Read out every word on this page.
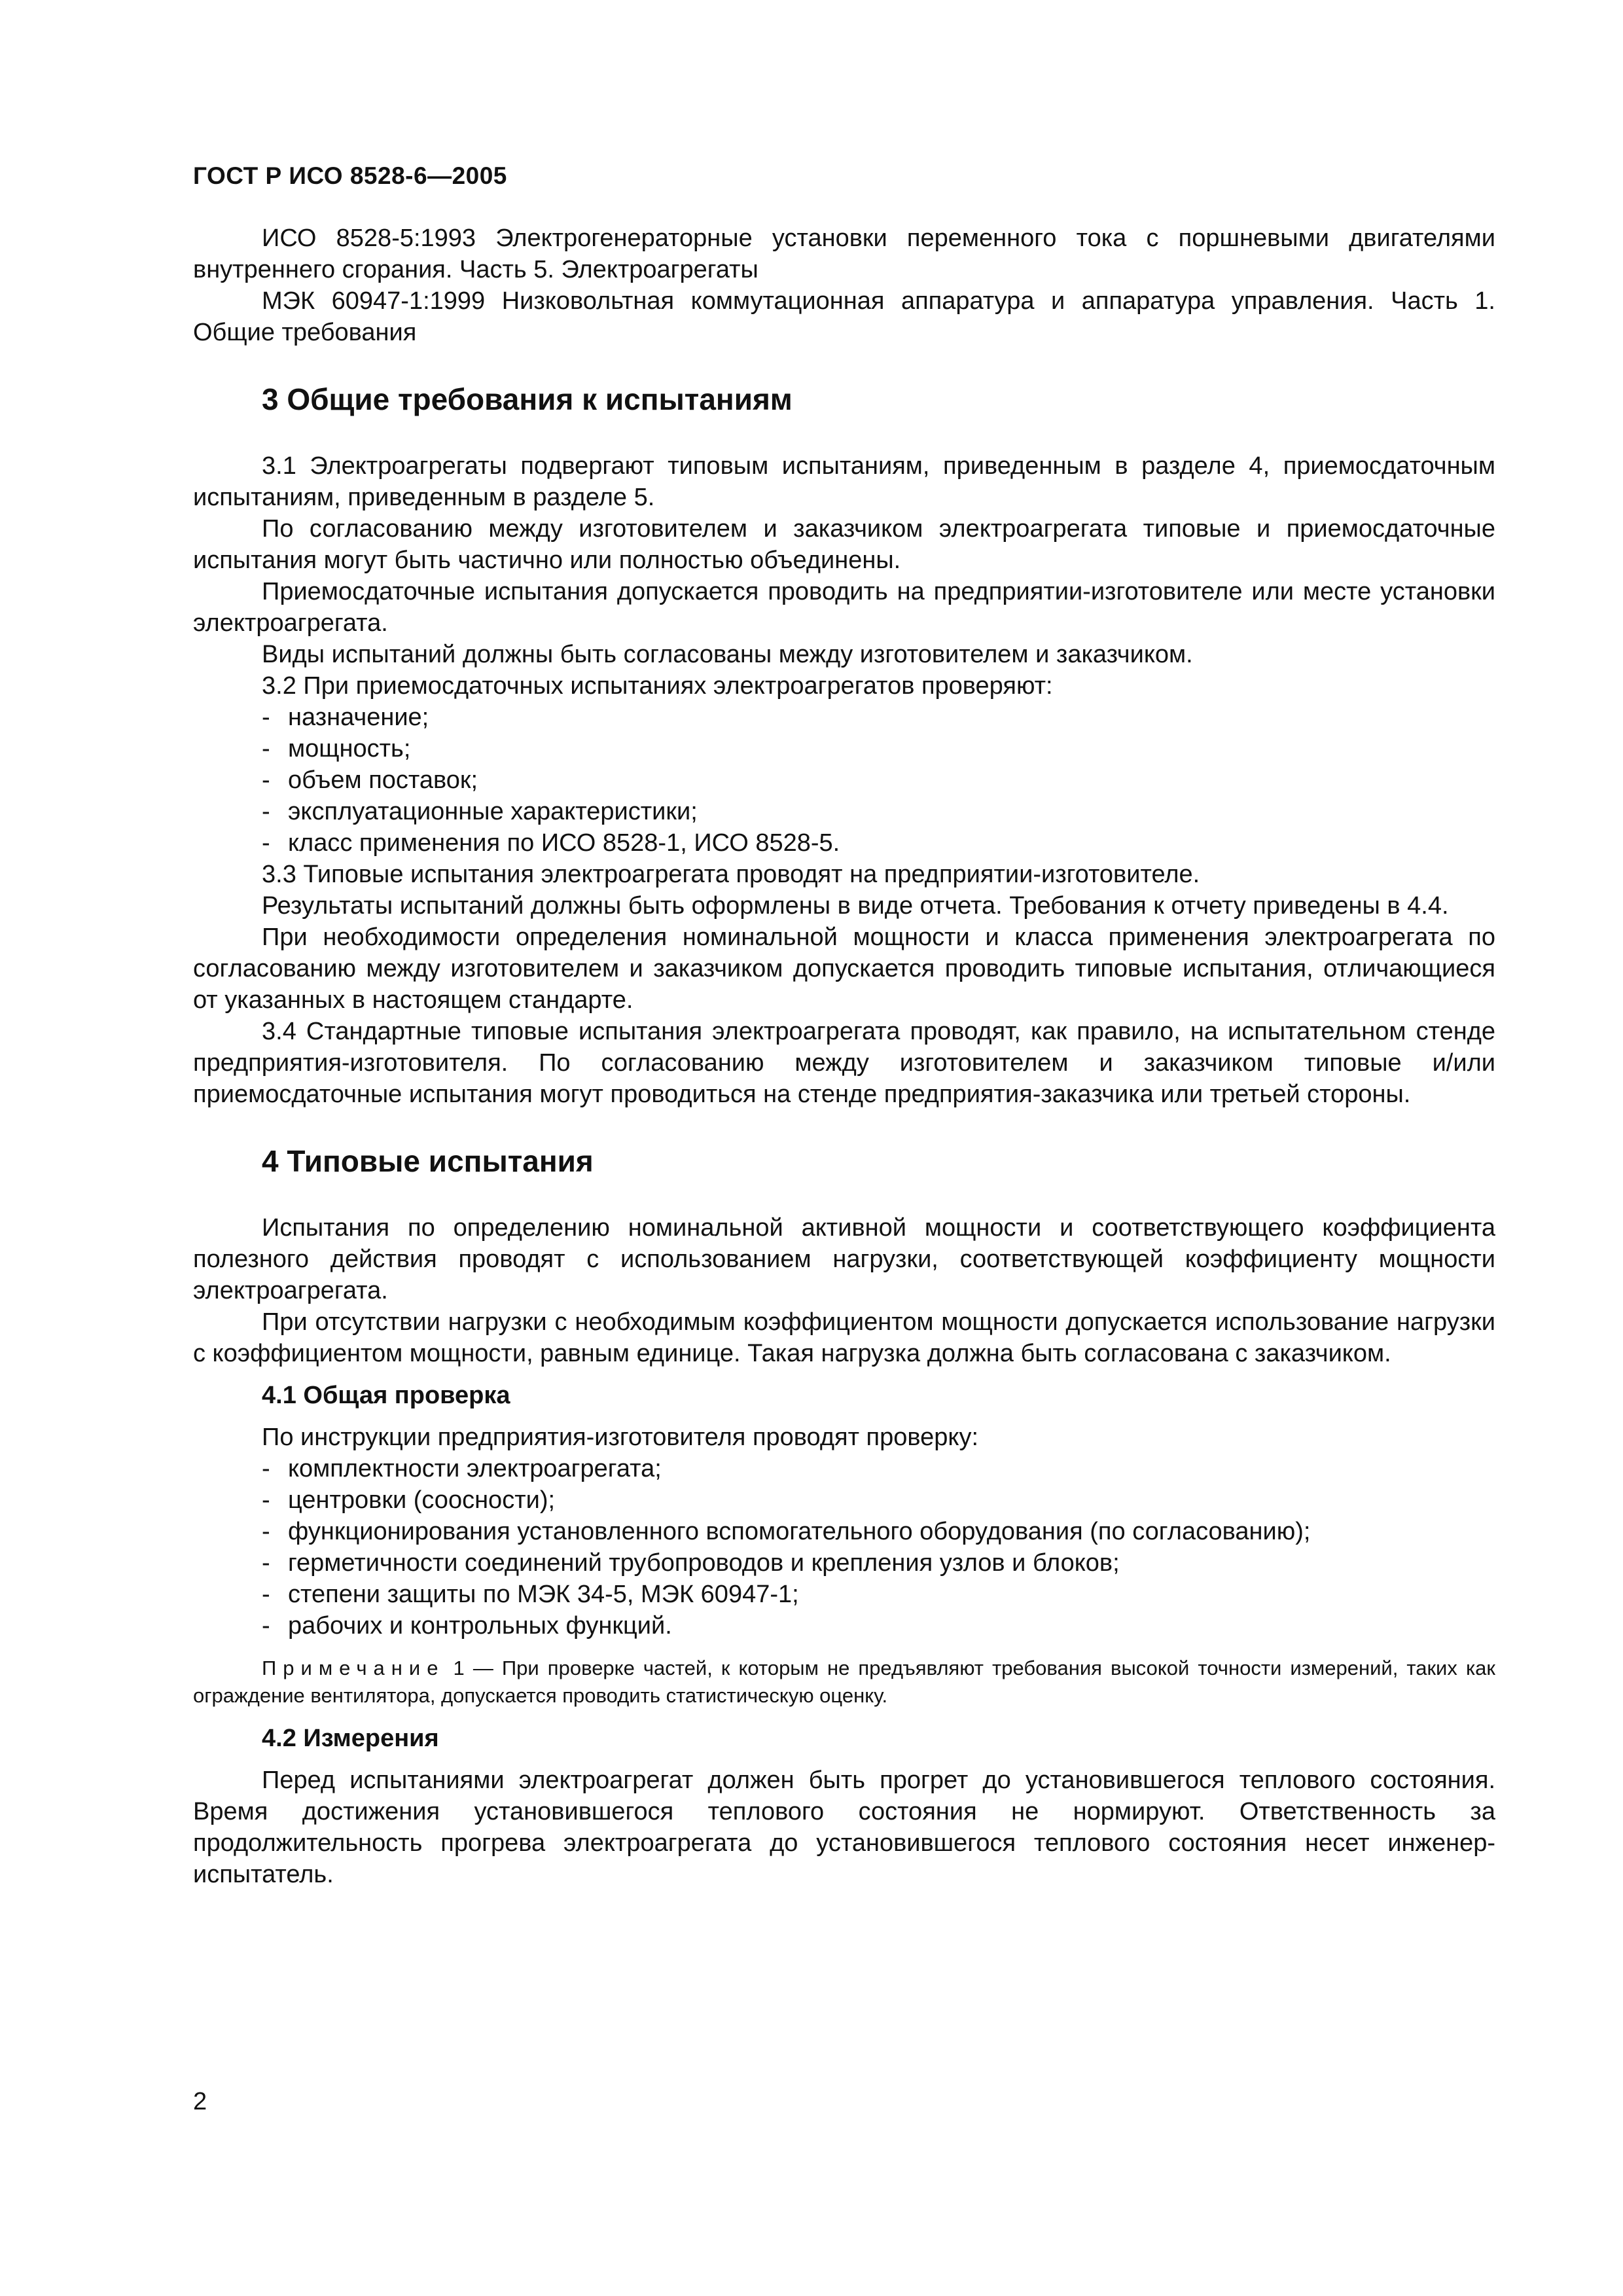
ГОСТ Р ИСО 8528-6—2005

ИСО 8528-5:1993 Электрогенераторные установки переменного тока с поршневыми двигателями внутреннего сгорания. Часть 5. Электроагрегаты

МЭК 60947-1:1999 Низковольтная коммутационная аппаратура и аппаратура управления. Часть 1. Общие требования

3 Общие требования к испытаниям

3.1 Электроагрегаты подвергают типовым испытаниям, приведенным в разделе 4, приемосдаточным испытаниям, приведенным в разделе 5.

По согласованию между изготовителем и заказчиком электроагрегата типовые и приемосдаточные испытания могут быть частично или полностью объединены.

Приемосдаточные испытания допускается проводить на предприятии-изготовителе или месте установки электроагрегата.

Виды испытаний должны быть согласованы между изготовителем и заказчиком.

3.2 При приемосдаточных испытаниях электроагрегатов проверяют:

- назначение;
- мощность;
- объем поставок;
- эксплуатационные характеристики;
- класс применения по ИСО 8528-1, ИСО 8528-5.

3.3 Типовые испытания электроагрегата проводят на предприятии-изготовителе.

Результаты испытаний должны быть оформлены в виде отчета. Требования к отчету приведены в 4.4.

При необходимости определения номинальной мощности и класса применения электроагрегата по согласованию между изготовителем и заказчиком допускается проводить типовые испытания, отличающиеся от указанных в настоящем стандарте.

3.4 Стандартные типовые испытания электроагрегата проводят, как правило, на испытательном стенде предприятия-изготовителя. По согласованию между изготовителем и заказчиком типовые и/или приемосдаточные испытания могут проводиться на стенде предприятия-заказчика или третьей стороны.

4 Типовые испытания

Испытания по определению номинальной активной мощности и соответствующего коэффициента полезного действия проводят с использованием нагрузки, соответствующей коэффициенту мощности электроагрегата.

При отсутствии нагрузки с необходимым коэффициентом мощности допускается использование нагрузки с коэффициентом мощности, равным единице. Такая нагрузка должна быть согласована с заказчиком.

4.1 Общая проверка

По инструкции предприятия-изготовителя проводят проверку:

- комплектности электроагрегата;
- центровки (соосности);
- функционирования установленного вспомогательного оборудования (по согласованию);
- герметичности соединений трубопроводов и крепления узлов и блоков;
- степени защиты по МЭК 34-5, МЭК 60947-1;
- рабочих и контрольных функций.

Примечание 1 — При проверке частей, к которым не предъявляют требования высокой точности измерений, таких как ограждение вентилятора, допускается проводить статистическую оценку.

4.2 Измерения

Перед испытаниями электроагрегат должен быть прогрет до установившегося теплового состояния. Время достижения установившегося теплового состояния не нормируют. Ответственность за продолжительность прогрева электроагрегата до установившегося теплового состояния несет инженер-испытатель.

2
